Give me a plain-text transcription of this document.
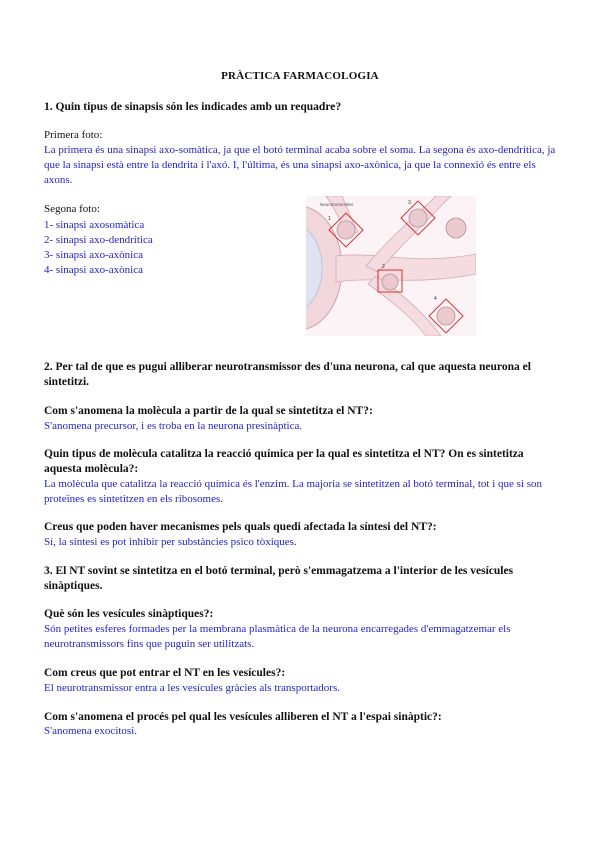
PRÀCTICA FARMACOLOGIA
1. Quin tipus de sinapsis són les indicades amb un requadre?
Primera foto:
La primera és una sinapsi axo-somàtica, ja que el botó terminal acaba sobre el soma. La segona és axo-dendrítica, ja que la sinapsi està entre la dendrita i l'axó. I, l'última, és una sinapsi axo-axònica, ja que la connexió és entre els axons.
Segona foto:
1- sinapsi axosomàtica
2- sinapsi axo-dendrítica
3- sinapsi axo-axònica
4- sinapsi axo-axònica
Neurotransmitter
1
3
2
4
2. Per tal de que es pugui alliberar neurotransmissor des d'una neurona, cal que aquesta neurona el sintetitzi.
Com s'anomena la molècula a partir de la qual se sintetitza el NT?:
S'anomena precursor, i es troba en la neurona presinàptica.
Quin tipus de molècula catalitza la reacció química per la qual es sintetitza el NT? On es sintetitza aquesta molècula?:
La molècula que catalitza la reacció química és l'enzim. La majoria se sintetitzen al botó terminal, tot i que si son proteïnes es sintetitzen en els ribosomes.
Creus que poden haver mecanismes pels quals quedi afectada la síntesi del NT?:
Sí, la síntesi es pot inhibir per substàncies psico tòxiques.
3. El NT sovint se sintetitza en el botó terminal, però s'emmagatzema a l'interior de les vesícules sinàptiques.
Què són les vesícules sinàptiques?:
Són petites esferes formades per la membrana plasmàtica de la neurona encarregades d'emmagatzemar els neurotransmissors fins que puguin ser utilitzats.
Com creus que pot entrar el NT en les vesícules?:
El neurotransmissor entra a les vesícules gràcies als transportadors.
Com s'anomena el procés pel qual les vesícules alliberen el NT a l'espai sinàptic?:
S'anomena exocitosi.
